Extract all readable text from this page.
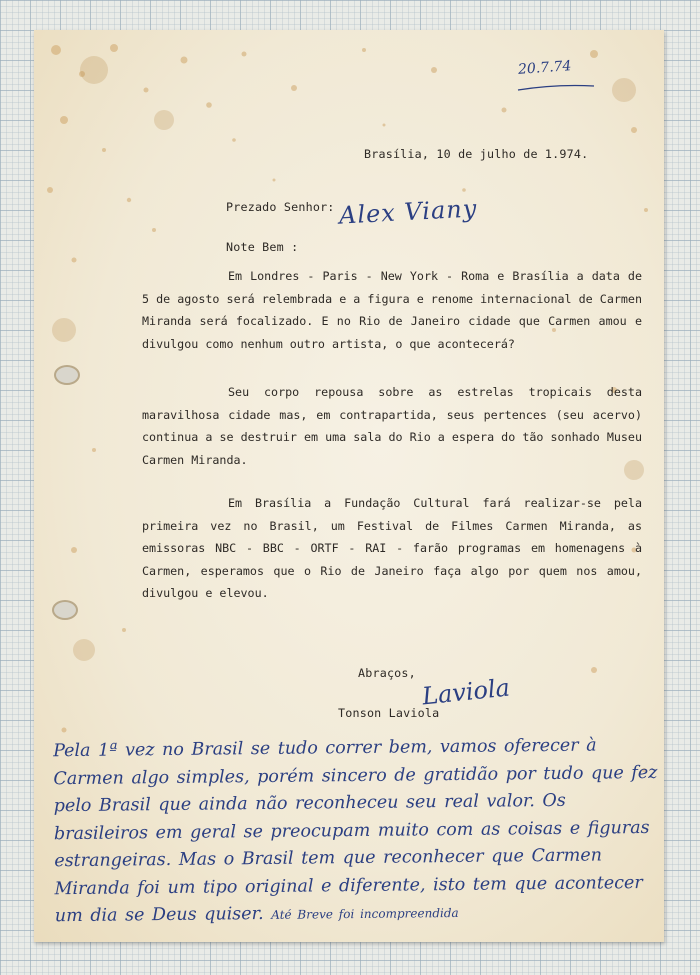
20.7.74
Brasília, 10 de julho de 1.974.
Prezado Senhor: Alex Viany
Note Bem :
Em Londres - Paris - New York - Roma e Brasília a data de 5 de agosto será relembrada e a figura e renome internacional de Carmen Miranda será focalizado. E no Rio de Janeiro cidade que Carmen amou e divulgou como nenhum outro artista, o que acontecerá?
Seu corpo repousa sobre as estrelas tropicais desta maravilhosa cidade mas, em contrapartida, seus pertences (seu acervo) continua a se destruir em uma sala do Rio a espera do tão sonhado Museu Carmen Miranda.
Em Brasília a Fundação Cultural fará realizar-se pela primeira vez no Brasil, um Festival de Filmes Carmen Miranda, as emissoras NBC - BBC - ORTF - RAI - farão programas em homenagens à Carmen, esperamos que o Rio de Janeiro faça algo por quem nos amou, divulgou e elevou.
Abraços,
Laviola
Tonson Laviola
Pela 1ª vez no Brasil se tudo correr bem, vamos oferecer à Carmen algo simples, porém sincero de gratidão por tudo que fez pelo Brasil que ainda não reconheceu seu real valor. Os brasileiros em geral se preocupam muito com as coisas e figuras estrangeiras. Mas o Brasil tem que reconhecer que Carmen Miranda foi um tipo original e diferente, isto tem que acontecer um dia se Deus quiser. Até Breve foi incompreendida
